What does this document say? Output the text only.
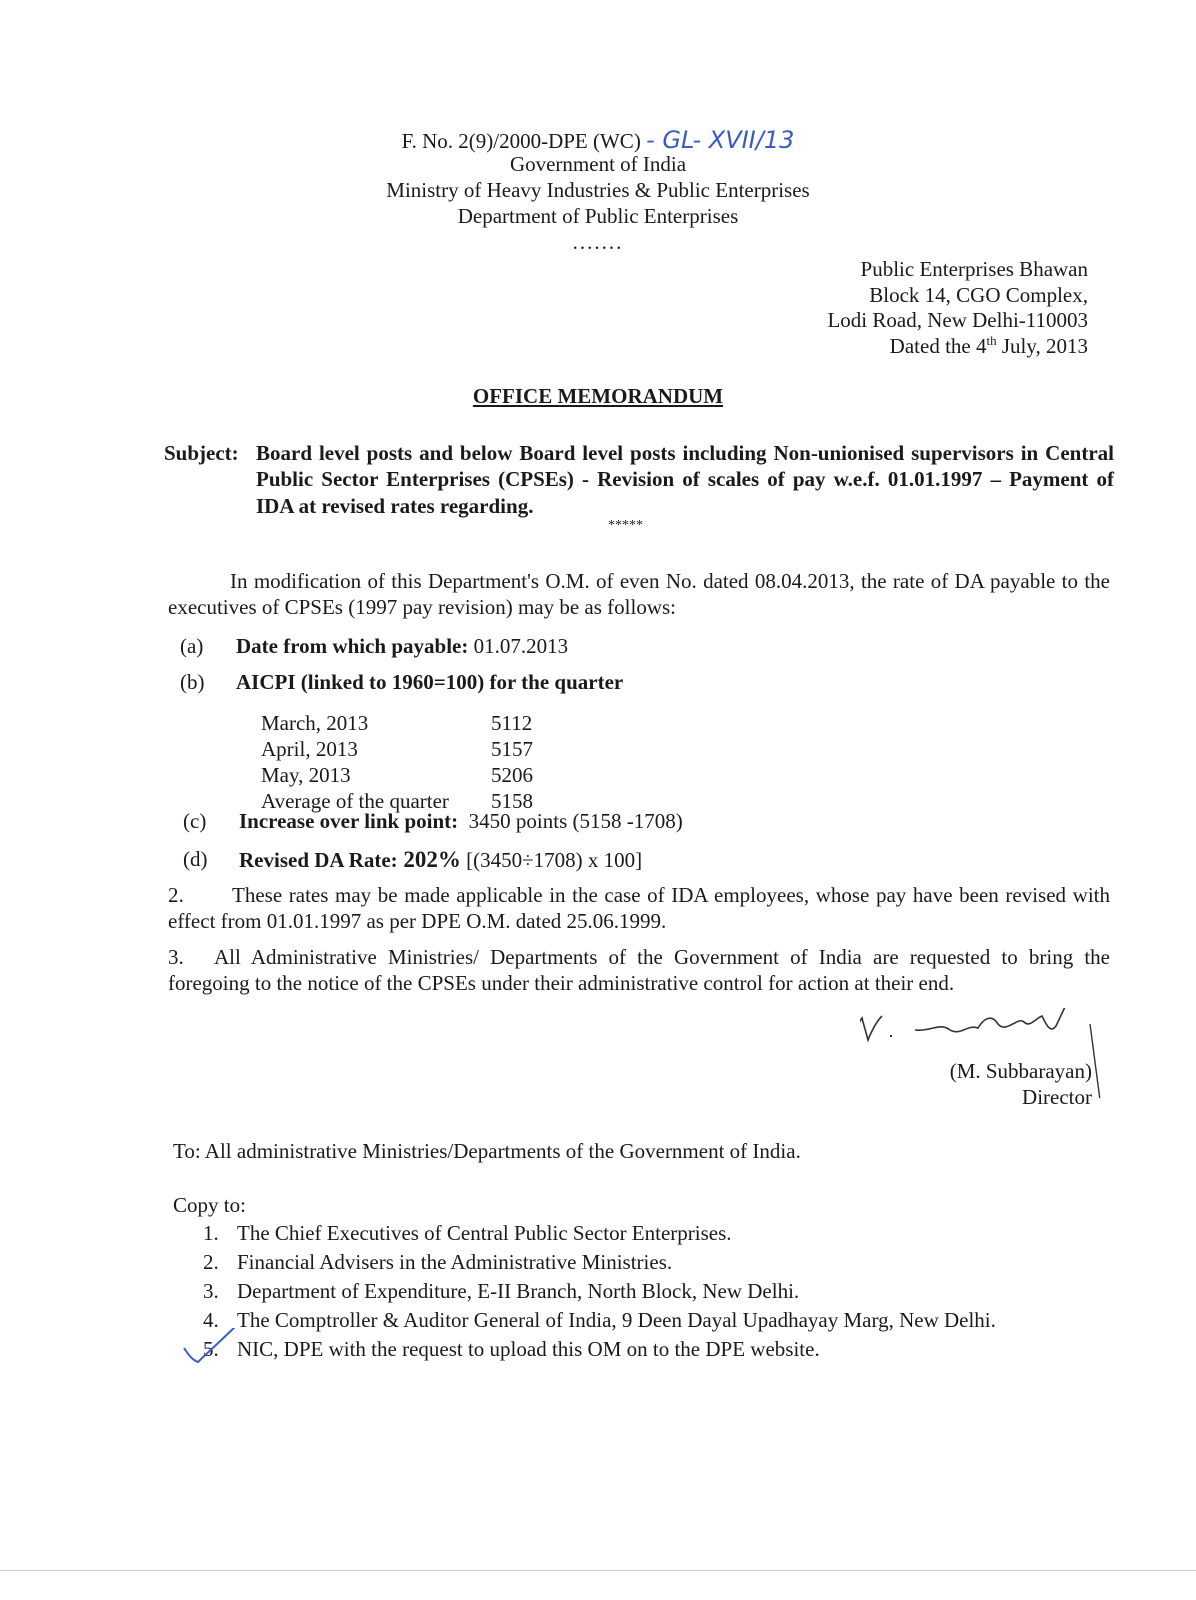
F. No. 2(9)/2000-DPE (WC) - GL- XVII/13
Government of India
Ministry of Heavy Industries & Public Enterprises
Department of Public Enterprises
.......
Public Enterprises Bhawan
Block 14, CGO Complex,
Lodi Road, New Delhi-110003
Dated the 4th July, 2013
OFFICE MEMORANDUM
Subject: Board level posts and below Board level posts including Non-unionised supervisors in Central Public Sector Enterprises (CPSEs) - Revision of scales of pay w.e.f. 01.01.1997 – Payment of IDA at revised rates regarding.
*****
In modification of this Department's O.M. of even No. dated 08.04.2013, the rate of DA payable to the executives of CPSEs (1997 pay revision) may be as follows:
(a)	Date from which payable: 01.07.2013
(b)	AICPI (linked to 1960=100) for the quarter
March, 2013	5112
April, 2013	5157
May, 2013	5206
Average of the quarter	5158
(c)	Increase over link point:  3450 points (5158 -1708)
(d)	Revised DA Rate: 202% [(3450÷1708) x 100]
2. These rates may be made applicable in the case of IDA employees, whose pay have been revised with effect from 01.01.1997 as per DPE O.M. dated 25.06.1999.
3. All Administrative Ministries/ Departments of the Government of India are requested to bring the foregoing to the notice of the CPSEs under their administrative control for action at their end.
(M. Subbarayan)
Director
To: All administrative Ministries/Departments of the Government of India.
Copy to:
1. The Chief Executives of Central Public Sector Enterprises.
2. Financial Advisers in the Administrative Ministries.
3. Department of Expenditure, E-II Branch, North Block, New Delhi.
4. The Comptroller & Auditor General of India, 9 Deen Dayal Upadhayay Marg, New Delhi.
5. NIC, DPE with the request to upload this OM on to the DPE website.
